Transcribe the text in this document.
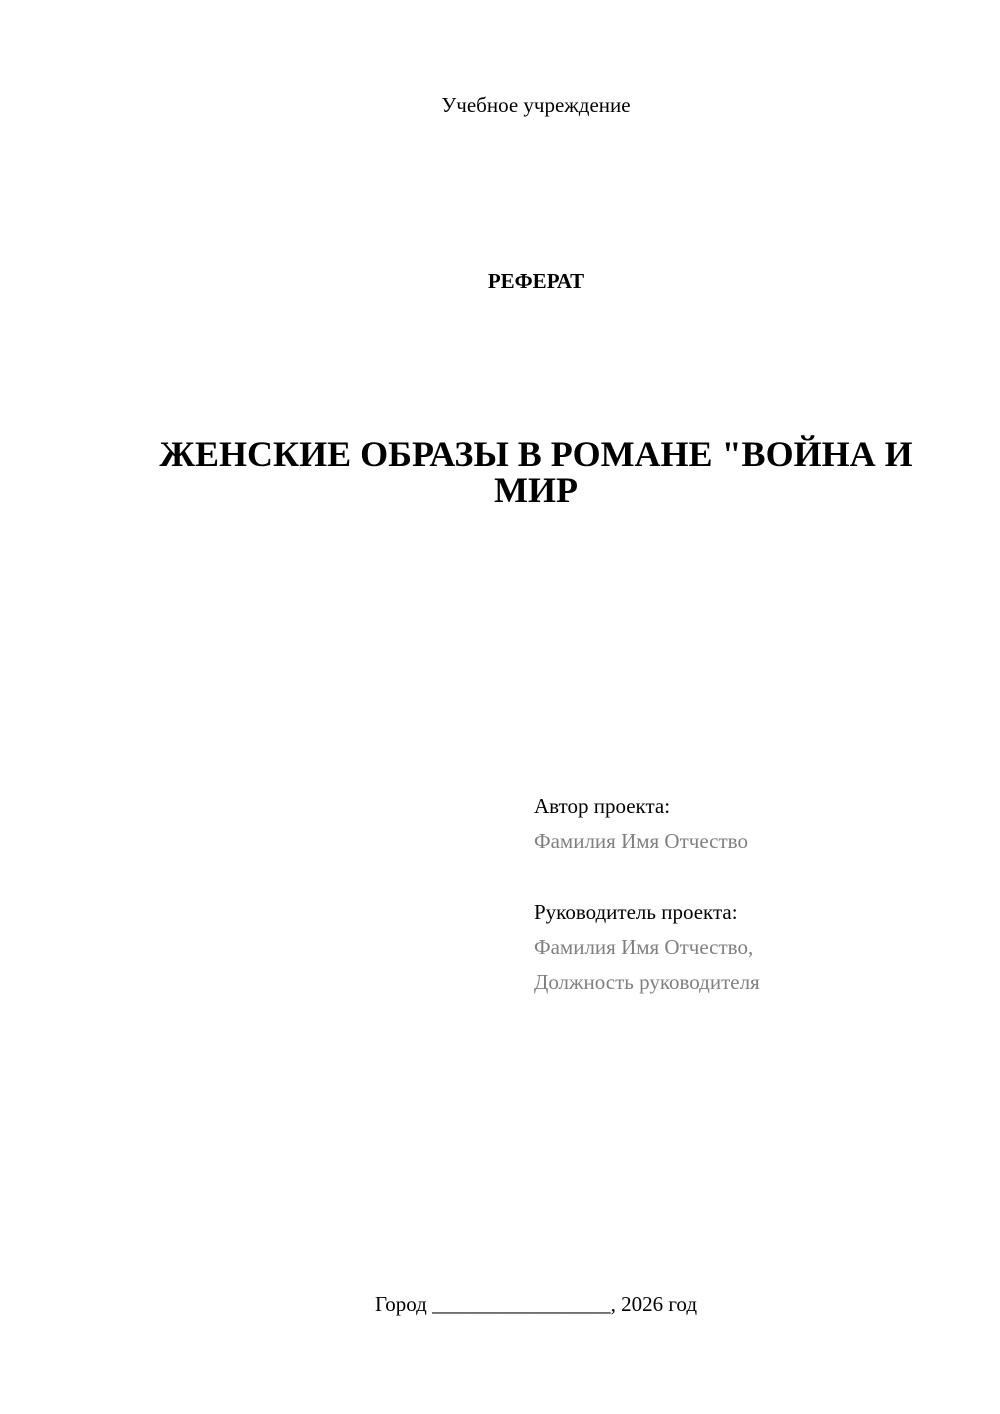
Учебное учреждение
РЕФЕРАТ
ЖЕНСКИЕ ОБРАЗЫ В РОМАНЕ "ВОЙНА И МИР
Автор проекта:
Фамилия Имя Отчество
Руководитель проекта:
Фамилия Имя Отчество,
Должность руководителя
Город _________________, 2026 год
